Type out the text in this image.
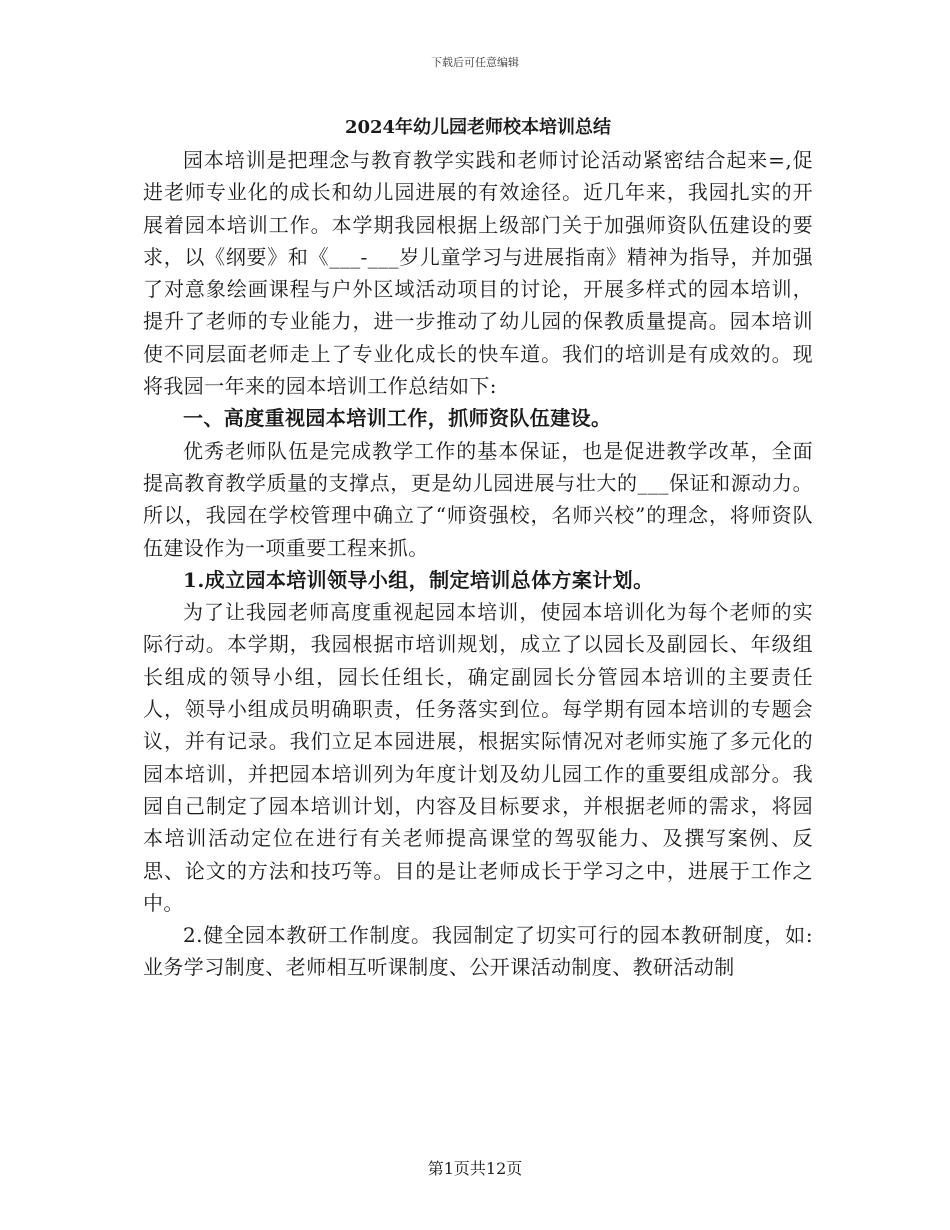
下载后可任意编辑
2024年幼儿园老师校本培训总结

园本培训是把理念与教育教学实践和老师讨论活动紧密结合起来=,促进老师专业化的成长和幼儿园进展的有效途径。近几年来，我园扎实的开展着园本培训工作。本学期我园根据上级部门关于加强师资队伍建设的要求，以《纲要》和《___-___岁儿童学习与进展指南》精神为指导，并加强了对意象绘画课程与户外区域活动项目的讨论，开展多样式的园本培训，提升了老师的专业能力，进一步推动了幼儿园的保教质量提高。园本培训使不同层面老师走上了专业化成长的快车道。我们的培训是有成效的。现将我园一年来的园本培训工作总结如下:

一、高度重视园本培训工作，抓师资队伍建设。

优秀老师队伍是完成教学工作的基本保证，也是促进教学改革，全面提高教育教学质量的支撑点，更是幼儿园进展与壮大的___保证和源动力。所以，我园在学校管理中确立了“师资强校，名师兴校”的理念，将师资队伍建设作为一项重要工程来抓。

1.成立园本培训领导小组，制定培训总体方案计划。

为了让我园老师高度重视起园本培训，使园本培训化为每个老师的实际行动。本学期，我园根据市培训规划，成立了以园长及副园长、年级组长组成的领导小组，园长任组长，确定副园长分管园本培训的主要责任人，领导小组成员明确职责，任务落实到位。每学期有园本培训的专题会议，并有记录。我们立足本园进展，根据实际情况对老师实施了多元化的园本培训，并把园本培训列为年度计划及幼儿园工作的重要组成部分。我园自己制定了园本培训计划，内容及目标要求，并根据老师的需求，将园本培训活动定位在进行有关老师提高课堂的驾驭能力、及撰写案例、反思、论文的方法和技巧等。目的是让老师成长于学习之中，进展于工作之中。

2.健全园本教研工作制度。我园制定了切实可行的园本教研制度，如:业务学习制度、老师相互听课制度、公开课活动制度、教研活动制

第1页共12页
